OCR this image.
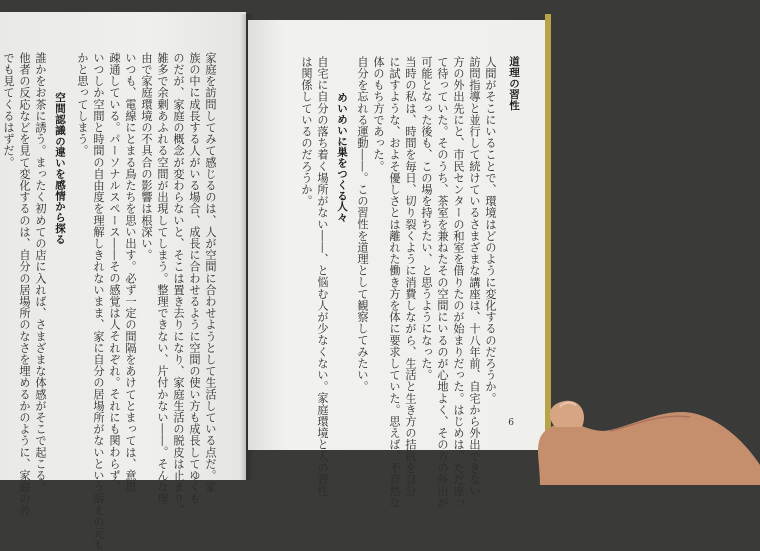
家庭を訪問してみて感じるのは、人が空間に合わせようとして生活している点だ。家
族の中に成長する人がいる場合、成長に合わせるように空間の使い方も成長してゆくも
のだが、家庭の概念が変わらないと、そこは置き去りになり、家庭生活の脱皮は止まり、
雑多で余剰あふれる空間が出現してしまう。整理できない、片付かない――。そんな理
由で家庭環境の不具合の影響は根深い。
いつも、電線にとまる鳥たちを思い出す。必ず一定の間隔をあけてとまっては、意思
疎通している。パーソナルスペース――その感覚は人それぞれ。それにも関わらず、
いつしか空間と時間の自由度を理解しきれないまま、家に自分の居場所がないという訴えの元も
かと思ってしまう。
空間認識の違いを感情から探る
誰かをお茶に誘う。まったく初めての店に入れば、さまざまな体感がそこで起こる。
他者の反応などを見て変化するのは、自分の居場所のなさを埋めるかのように、家庭の外
でも見てくるはずだ。	道理の習性
人間がそこにいることで、環境はどのように変化するのだろうか。
訪問指導と並行して続けているさまざまな講座は、十八年前、自宅から外出できない
方の外出先にと、市民センターの和室を借りたのが始まりだった。はじめは、ただ座っ
て待っていた。そのうち、茶室を兼ねたその空間にいるのが心地よく、その方の外出が
可能となった後も、この場を持ちたい、と思うようになった。
当時の私は、時間を毎日、切り裂くように消費しながら、生活と生き方の拮抗を自分
に試すような、およそ優しさとは離れた働き方を体に要求していた。思えば、不自然な
体のもち方であった。
自分を忘れる運動――。この習性を道理として観察してみたい。
めいめいに巣をつくる人々
自宅に自分の落ち着く場所がない――、と悩む人が少なくない。家庭環境と人の習性
は関係しているのだろうか。
6
